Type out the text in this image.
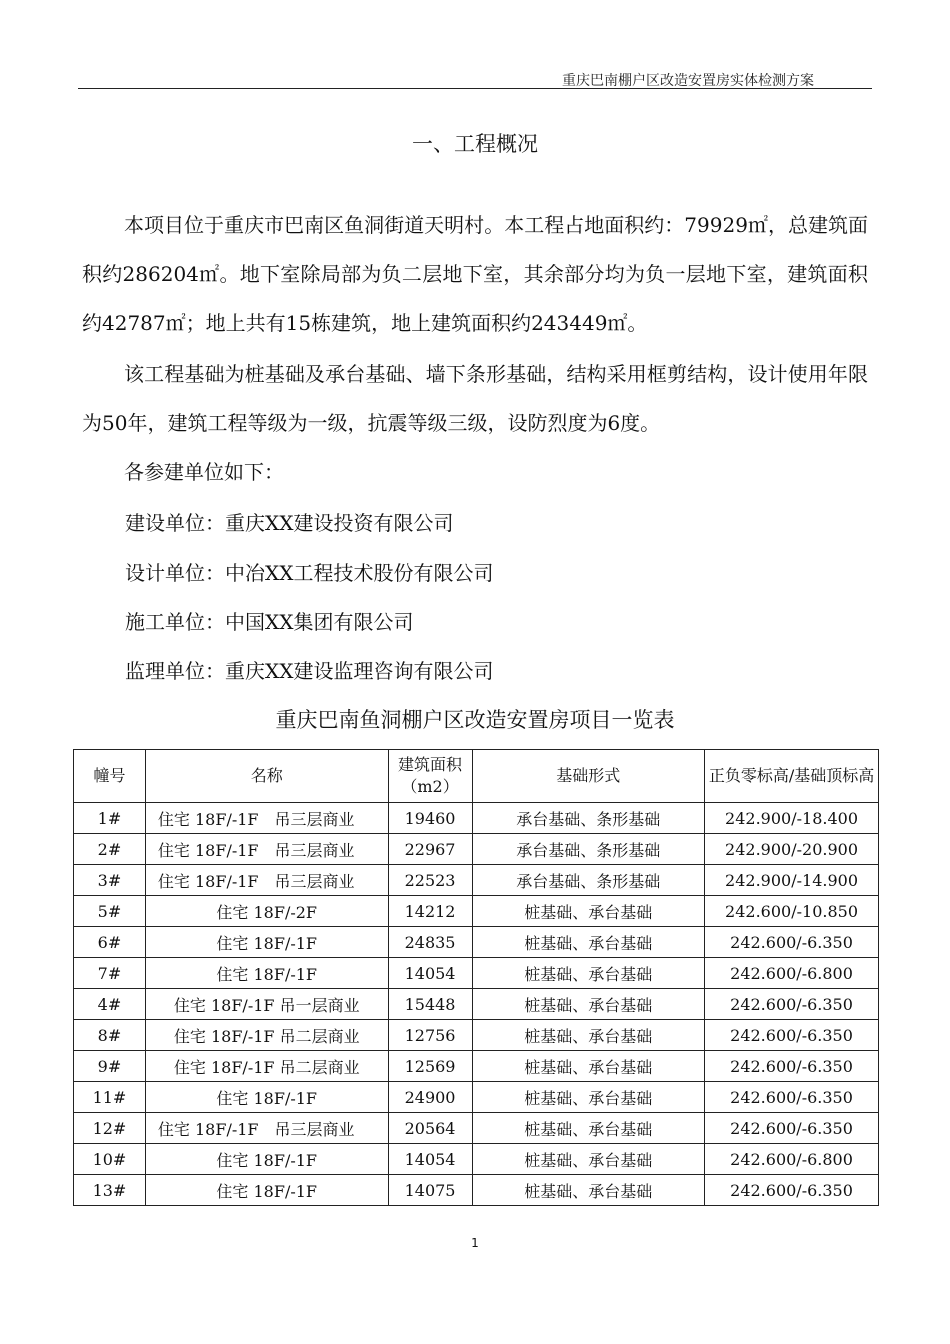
重庆巴南棚户区改造安置房实体检测方案
一、工程概况

本项目位于重庆市巴南区鱼洞街道天明村。本工程占地面积约：79929㎡，总建筑面积约286204㎡。地下室除局部为负二层地下室，其余部分均为负一层地下室，建筑面积约42787㎡；地上共有15栋建筑，地上建筑面积约243449㎡。

该工程基础为桩基础及承台基础、墙下条形基础，结构采用框剪结构，设计使用年限为50年，建筑工程等级为一级，抗震等级三级，设防烈度为6度。

各参建单位如下：

建设单位：重庆XX建设投资有限公司
设计单位：中冶XX工程技术股份有限公司
施工单位：中国XX集团有限公司
监理单位：重庆XX建设监理咨询有限公司
重庆巴南鱼洞棚户区改造安置房项目一览表
幢号	名称	建筑面积（m2）	基础形式	正负零标高/基础顶标高
1#	住宅 18F/-1F　吊三层商业	19460	承台基础、条形基础	242.900/-18.400
2#	住宅 18F/-1F　吊三层商业	22967	承台基础、条形基础	242.900/-20.900
3#	住宅 18F/-1F　吊三层商业	22523	承台基础、条形基础	242.900/-14.900
5#	住宅 18F/-2F	14212	桩基础、承台基础	242.600/-10.850
6#	住宅 18F/-1F	24835	桩基础、承台基础	242.600/-6.350
7#	住宅 18F/-1F	14054	桩基础、承台基础	242.600/-6.800
4#	住宅 18F/-1F 吊一层商业	15448	桩基础、承台基础	242.600/-6.350
8#	住宅 18F/-1F 吊二层商业	12756	桩基础、承台基础	242.600/-6.350
9#	住宅 18F/-1F 吊二层商业	12569	桩基础、承台基础	242.600/-6.350
11#	住宅 18F/-1F	24900	桩基础、承台基础	242.600/-6.350
12#	住宅 18F/-1F　吊三层商业	20564	桩基础、承台基础	242.600/-6.350
10#	住宅 18F/-1F	14054	桩基础、承台基础	242.600/-6.800
13#	住宅 18F/-1F	14075	桩基础、承台基础	242.600/-6.350
1
